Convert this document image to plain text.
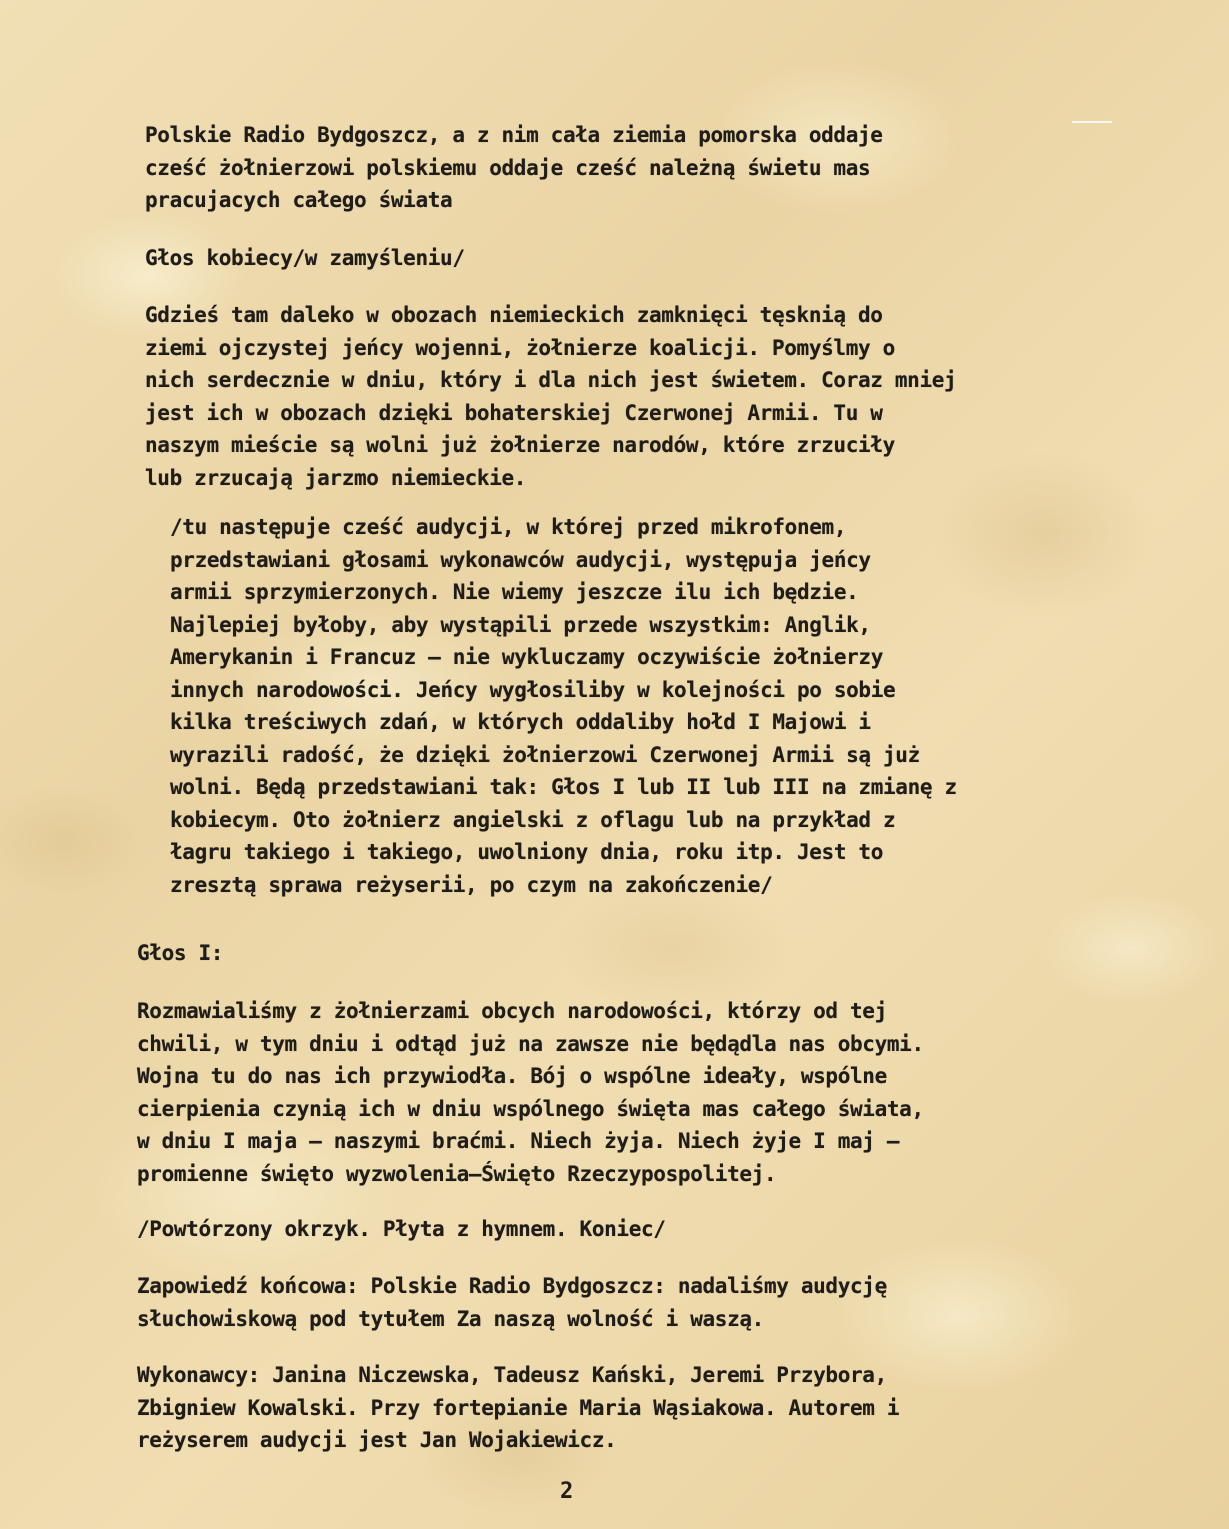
Polskie Radio Bydgoszcz, a z nim cała ziemia pomorska oddaje
cześć żołnierzowi polskiemu oddaje cześć należną świetu mas
pracujacych całego świata
Głos kobiecy/w zamyśleniu/
Gdzieś tam daleko w obozach niemieckich zamknięci tęsknią do
ziemi ojczystej jeńcy wojenni, żołnierze koalicji. Pomyślmy o
nich serdecznie w dniu, który i dla nich jest świetem. Coraz mniej
jest ich w obozach dzięki bohaterskiej Czerwonej Armii. Tu w
naszym mieście są wolni już żołnierze narodów, które zrzuciły
lub zrzucają jarzmo niemieckie.
/tu następuje cześć audycji, w której przed mikrofonem,
przedstawiani głosami wykonawców audycji, występuja jeńcy
armii sprzymierzonych. Nie wiemy jeszcze ilu ich będzie.
Najlepiej byłoby, aby wystąpili przede wszystkim: Anglik,
Amerykanin i Francuz – nie wykluczamy oczywiście żołnierzy
innych narodowości. Jeńcy wygłosiliby w kolejności po sobie
kilka treściwych zdań, w których oddaliby hołd I Majowi i
wyrazili radość, że dzięki żołnierzowi Czerwonej Armii są już
wolni. Będą przedstawiani tak: Głos I lub II lub III na zmianę z
kobiecym. Oto żołnierz angielski z oflagu lub na przykład z
łagru takiego i takiego, uwolniony dnia, roku itp. Jest to
zresztą sprawa reżyserii, po czym na zakończenie/
Głos I:
Rozmawialiśmy z żołnierzami obcych narodowości, którzy od tej
chwili, w tym dniu i odtąd już na zawsze nie będądla nas obcymi.
Wojna tu do nas ich przywiodła. Bój o wspólne ideały, wspólne
cierpienia czynią ich w dniu wspólnego święta mas całego świata,
w dniu I maja – naszymi braćmi. Niech żyja. Niech żyje I maj –
promienne święto wyzwolenia–Święto Rzeczypospolitej.
/Powtórzony okrzyk. Płyta z hymnem. Koniec/
Zapowiedź końcowa: Polskie Radio Bydgoszcz: nadaliśmy audycję
słuchowiskową pod tytułem Za naszą wolność i waszą.
Wykonawcy: Janina Niczewska, Tadeusz Kański, Jeremi Przybora,
Zbigniew Kowalski. Przy fortepianie Maria Wąsiakowa. Autorem i
reżyserem audycji jest Jan Wojakiewicz.
2
